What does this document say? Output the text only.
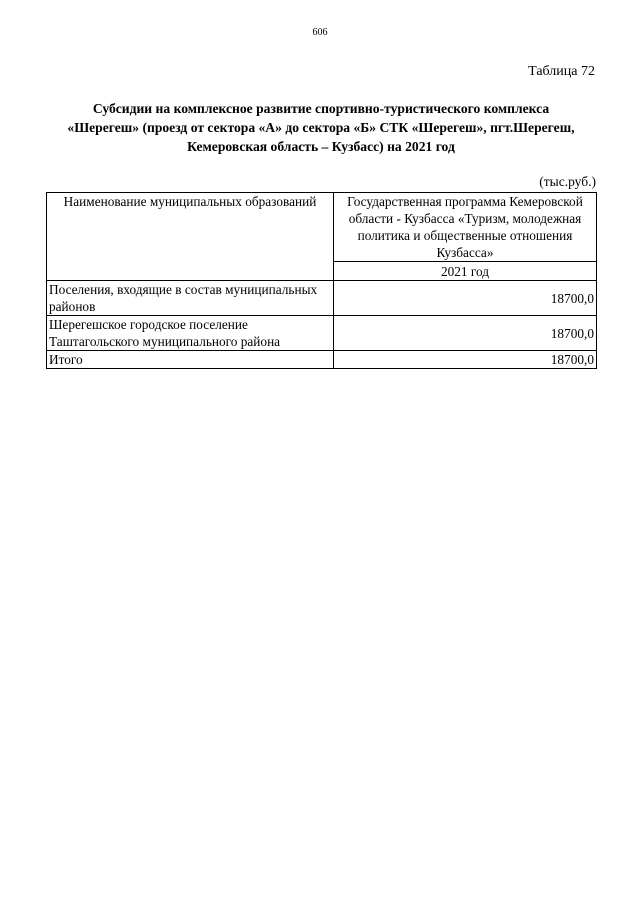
606
Таблица 72
Субсидии на комплексное развитие спортивно-туристического комплекса
«Шерегеш» (проезд от сектора «А» до сектора «Б» СТК «Шерегеш», пгт.Шерегеш,
Кемеровская область – Кузбасс) на 2021 год
(тыс.руб.)
Наименование муниципальных образований	Государственная программа Кемеровской области - Кузбасса «Туризм, молодежная политика и общественные отношения Кузбасса»
	2021 год
Поселения, входящие в состав муниципальных районов	18700,0
Шерегешское городское поселение Таштагольского муниципального района	18700,0
Итого	18700,0
